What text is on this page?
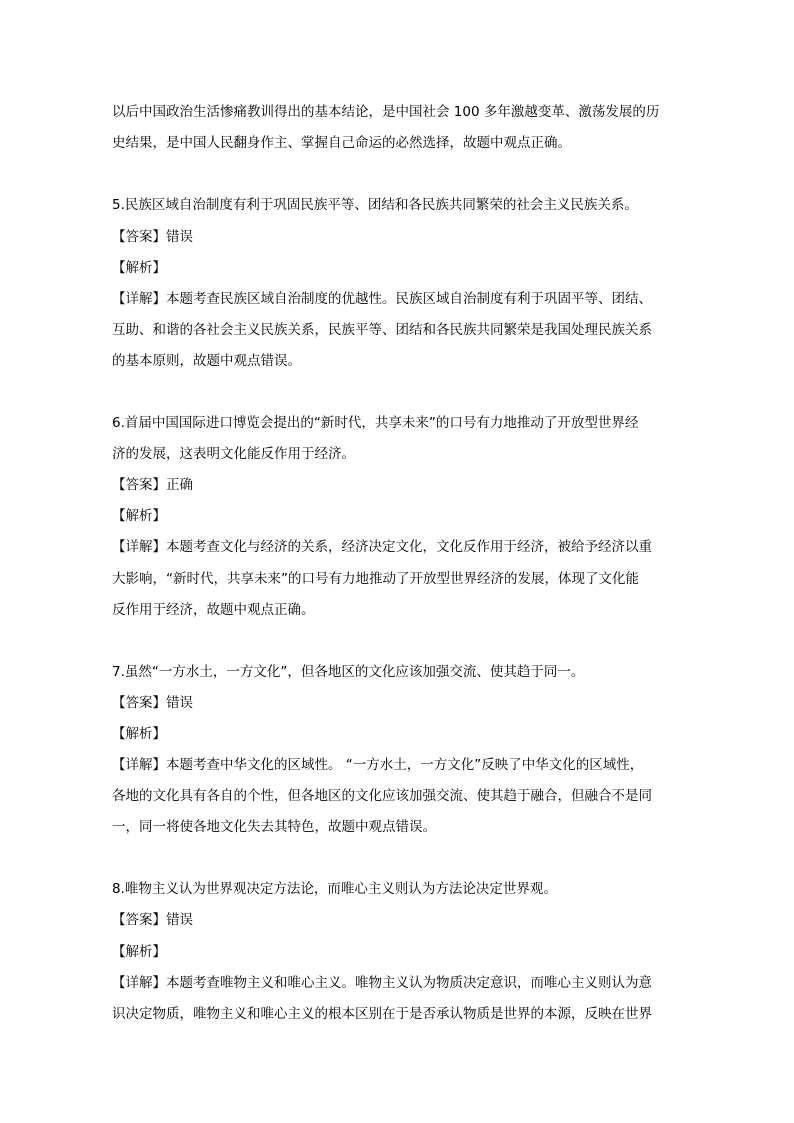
以后中国政治生活惨痛教训得出的基本结论，是中国社会 100 多年激越变革、激荡发展的历
史结果，是中国人民翻身作主、掌握自己命运的必然选择，故题中观点正确。
5.民族区域自治制度有利于巩固民族平等、团结和各民族共同繁荣的社会主义民族关系。
【答案】错误
【解析】
【详解】本题考查民族区域自治制度的优越性。民族区域自治制度有利于巩固平等、团结、
互助、和谐的各社会主义民族关系，民族平等、团结和各民族共同繁荣是我国处理民族关系
的基本原则，故题中观点错误。
6.首届中国国际进口博览会提出的“新时代，共享未来”的口号有力地推动了开放型世界经
济的发展，这表明文化能反作用于经济。
【答案】正确
【解析】
【详解】本题考查文化与经济的关系，经济决定文化，文化反作用于经济，被给予经济以重
大影响，“新时代，共享未来”的口号有力地推动了开放型世界经济的发展，体现了文化能
反作用于经济，故题中观点正确。
7.虽然“一方水土，一方文化”，但各地区的文化应该加强交流、使其趋于同一。
【答案】错误
【解析】
【详解】本题考查中华文化的区域性。 “一方水土，一方文化”反映了中华文化的区域性，
各地的文化具有各自的个性，但各地区的文化应该加强交流、使其趋于融合，但融合不是同
一，同一将使各地文化失去其特色，故题中观点错误。
8.唯物主义认为世界观决定方法论，而唯心主义则认为方法论决定世界观。
【答案】错误
【解析】
【详解】本题考查唯物主义和唯心主义。唯物主义认为物质决定意识，而唯心主义则认为意
识决定物质，唯物主义和唯心主义的根本区别在于是否承认物质是世界的本源，反映在世界
